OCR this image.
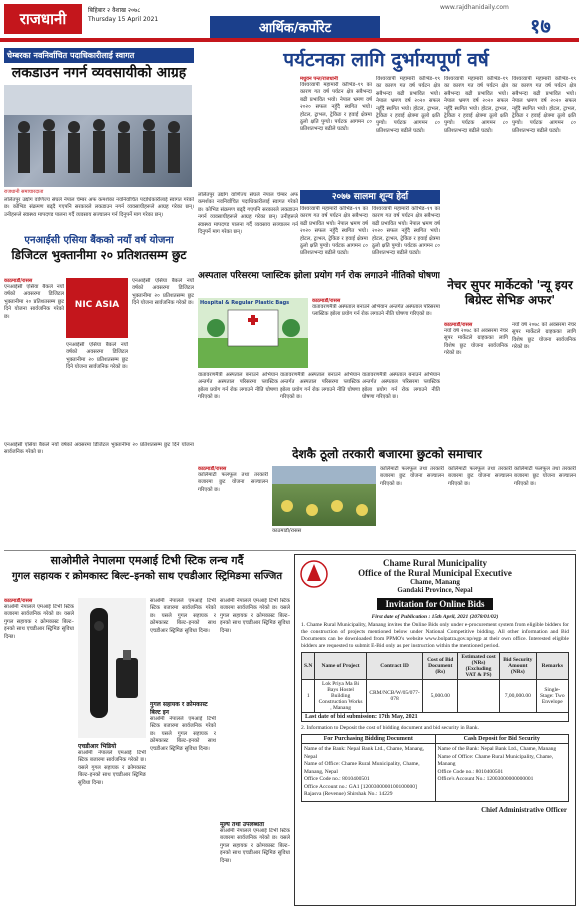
राजधानी	बिहिबार २ वैशाख २०७८
Thursday 15 April 2021
आर्थिक/कर्पोरेट
www.rajdhanidaily.com
१७
चेम्बरका नवनिर्वाचित पदाधिकारीलाई स्वागत
लकडाउन नगर्न व्यवसायीको आग्रह
राजधानी समाचारदाता
ललितपुर उद्योग वाणिज्य संघले नेपाल चेम्बर अफ कमर्शका नवनिर्वाचित पदाधिकारीलाई स्वागत गरेको छ। कोभिड संक्रमण बढ्दै गएपनि सरकारले लकडाउन नगर्न व्यवसायीहरूले आग्रह गरेका छन्। उनीहरूले स्वास्थ्य मापदण्ड पालना गर्दै व्यवसाय सञ्चालन गर्न दिनुपर्ने माग गरेका छन्।
ललितपुर उद्योग वाणिज्य संघले नेपाल चेम्बर अफ कमर्शका नवनिर्वाचित पदाधिकारीलाई स्वागत गरेको छ। कोभिड संक्रमण बढ्दै गएपनि सरकारले लकडाउन नगर्न व्यवसायीहरूले आग्रह गरेका छन्। उनीहरूले स्वास्थ्य मापदण्ड पालना गर्दै व्यवसाय सञ्चालन गर्न दिनुपर्ने माग गरेका छन्।
पर्यटनका लागि दुर्भाग्यपूर्ण वर्ष
मधुवन पन्त/राजधानी
विश्वव्यापी महामारी कोभिड–१९ का कारण गत वर्ष पर्यटन क्षेत्र सबैभन्दा बढी प्रभावित भयो। नेपाल भ्रमण वर्ष २०२० सफल नहुँदै स्थगित भयो। होटल, ट्राभल, ट्रेकिङ र हवाई क्षेत्रमा ठूलो क्षति पुग्यो। पर्यटक आगमन ८० प्रतिशतभन्दा बढीले घट्यो।
विश्वव्यापी महामारी कोभिड–१९ का कारण गत वर्ष पर्यटन क्षेत्र सबैभन्दा बढी प्रभावित भयो। नेपाल भ्रमण वर्ष २०२० सफल नहुँदै स्थगित भयो। होटल, ट्राभल, ट्रेकिङ र हवाई क्षेत्रमा ठूलो क्षति पुग्यो। पर्यटक आगमन ८० प्रतिशतभन्दा बढीले घट्यो।
विश्वव्यापी महामारी कोभिड–१९ का कारण गत वर्ष पर्यटन क्षेत्र सबैभन्दा बढी प्रभावित भयो। नेपाल भ्रमण वर्ष २०२० सफल नहुँदै स्थगित भयो। होटल, ट्राभल, ट्रेकिङ र हवाई क्षेत्रमा ठूलो क्षति पुग्यो। पर्यटक आगमन ८० प्रतिशतभन्दा बढीले घट्यो।
विश्वव्यापी महामारी कोभिड–१९ का कारण गत वर्ष पर्यटन क्षेत्र सबैभन्दा बढी प्रभावित भयो। नेपाल भ्रमण वर्ष २०२० सफल नहुँदै स्थगित भयो। होटल, ट्राभल, ट्रेकिङ र हवाई क्षेत्रमा ठूलो क्षति पुग्यो। पर्यटक आगमन ८० प्रतिशतभन्दा बढीले घट्यो।
२०७७ सालमा शून्य हेर्दा
विश्वव्यापी महामारी कोभिड–१९ का कारण गत वर्ष पर्यटन क्षेत्र सबैभन्दा बढी प्रभावित भयो। नेपाल भ्रमण वर्ष २०२० सफल नहुँदै स्थगित भयो। होटल, ट्राभल, ट्रेकिङ र हवाई क्षेत्रमा ठूलो क्षति पुग्यो। पर्यटक आगमन ८० प्रतिशतभन्दा बढीले घट्यो।
विश्वव्यापी महामारी कोभिड–१९ का कारण गत वर्ष पर्यटन क्षेत्र सबैभन्दा बढी प्रभावित भयो। नेपाल भ्रमण वर्ष २०२० सफल नहुँदै स्थगित भयो। होटल, ट्राभल, ट्रेकिङ र हवाई क्षेत्रमा ठूलो क्षति पुग्यो। पर्यटक आगमन ८० प्रतिशतभन्दा बढीले घट्यो।
अस्पताल परिसरमा प्लास्टिक झोला प्रयोग गर्न रोक लगाउने नीतिको घोषणा
Hospital & Regular Plastic Bags	काठमाडौं/रासस
वातावरणमैत्री अस्पताल बनाउने अभियान अन्तर्गत अस्पताल परिसरमा प्लास्टिक झोला प्रयोग गर्न रोक लगाउने नीति घोषणा गरिएको छ।
वातावरणमैत्री अस्पताल बनाउने अभियान अन्तर्गत अस्पताल परिसरमा प्लास्टिक झोला प्रयोग गर्न रोक लगाउने नीति घोषणा गरिएको छ।
वातावरणमैत्री अस्पताल बनाउने अभियान अन्तर्गत अस्पताल परिसरमा प्लास्टिक झोला प्रयोग गर्न रोक लगाउने नीति घोषणा गरिएको छ।
वातावरणमैत्री अस्पताल बनाउने अभियान अन्तर्गत अस्पताल परिसरमा प्लास्टिक झोला प्रयोग गर्न रोक लगाउने नीति घोषणा गरिएको छ।
नेचर सुपर मार्केटको 'न्यू इयर बिग्रेस्ट सेभिङ अफर'
काठमाडौं/रासस
नयाँ वर्ष २०७८ को अवसरमा नेचर सुपर मार्केटले ग्राहकका लागि विशेष छुट योजना सार्वजनिक गरेको छ।
नयाँ वर्ष २०७८ को अवसरमा नेचर सुपर मार्केटले ग्राहकका लागि विशेष छुट योजना सार्वजनिक गरेको छ।
एनआईसी एसिया बैंकको नयाँ वर्ष योजना
डिजिटल भुक्तानीमा २० प्रतिशतसम्म छुट
काठमाडौं/रासस
एनआईसी एसिया बैंकले नयाँ वर्षको अवसरमा डिजिटल भुक्तानीमा २० प्रतिशतसम्म छुट दिने योजना सार्वजनिक गरेको छ।
NIC ASIA
एनआईसी एसिया बैंकले नयाँ वर्षको अवसरमा डिजिटल भुक्तानीमा २० प्रतिशतसम्म छुट दिने योजना सार्वजनिक गरेको छ।
एनआईसी एसिया बैंकले नयाँ वर्षको अवसरमा डिजिटल भुक्तानीमा २० प्रतिशतसम्म छुट दिने योजना सार्वजनिक गरेको छ।
देशकै ठूलो तरकारी बजारमा छुटको समाचार
काठमाडौं/रासस
कालिमाटी फलफूल तथा तरकारी बजारमा छुट योजना सञ्चालन गरिएको छ।
काठमाडौं/रासस
कालिमाटी फलफूल तथा तरकारी बजारमा छुट योजना सञ्चालन गरिएको छ।
कालिमाटी फलफूल तथा तरकारी बजारमा छुट योजना सञ्चालन गरिएको छ।
कालिमाटी फलफूल तथा तरकारी बजारमा छुट योजना सञ्चालन गरिएको छ।
एनआईसी एसिया बैंकले नयाँ वर्षको अवसरमा डिजिटल भुक्तानीमा २० प्रतिशतसम्म छुट दिने योजना सार्वजनिक गरेको छ।
साओमीले नेपालमा एमआई टिभी स्टिक लन्च गर्दै
गुगल सहायक र क्रोमकास्ट बिल्ट–इनको साथ एचडीआर स्ट्रिमिङमा सज्जित
काठमाडौं/रासस
साओमी नेपालले एमआई टिभी स्टिक बजारमा सार्वजनिक गरेको छ। यसले गुगल सहायक र क्रोमकास्ट बिल्ट–इनको साथ एचडीआर स्ट्रिमिङ सुविधा दिन्छ।
एचडीआर भिडियो
साओमी नेपालले एमआई टिभी स्टिक बजारमा सार्वजनिक गरेको छ। यसले गुगल सहायक र क्रोमकास्ट बिल्ट–इनको साथ एचडीआर स्ट्रिमिङ सुविधा दिन्छ।
साओमी नेपालले एमआई टिभी स्टिक बजारमा सार्वजनिक गरेको छ। यसले गुगल सहायक र क्रोमकास्ट बिल्ट–इनको साथ एचडीआर स्ट्रिमिङ सुविधा दिन्छ।
गुगल सहायक र क्रोमकास्ट बिल्ट इन
साओमी नेपालले एमआई टिभी स्टिक बजारमा सार्वजनिक गरेको छ। यसले गुगल सहायक र क्रोमकास्ट बिल्ट–इनको साथ एचडीआर स्ट्रिमिङ सुविधा दिन्छ।
साओमी नेपालले एमआई टिभी स्टिक बजारमा सार्वजनिक गरेको छ। यसले गुगल सहायक र क्रोमकास्ट बिल्ट–इनको साथ एचडीआर स्ट्रिमिङ सुविधा दिन्छ।
मूल्य तथा उपलब्धता
साओमी नेपालले एमआई टिभी स्टिक बजारमा सार्वजनिक गरेको छ। यसले गुगल सहायक र क्रोमकास्ट बिल्ट–इनको साथ एचडीआर स्ट्रिमिङ सुविधा दिन्छ।
Chame Rural Municipality
Office of the Rural Municipal Executive
Chame, Manang
Gandaki Province, Nepal
Invitation for Online Bids
First date of Publication : 15th April, 2021 (2078/01/02)
1. Chame Rural Municipality, Manang invites the Online Bids only under e-procurement system from eligible bidders for the construction of projects mentioned below under National Competitive bidding. All other information and Bid Documents can be downloaded from PPMO's website www.bolpatra.gov.np/egp at their own office. Interested eligible bidders are requested to submit E-Bid only as per instruction within the mentioned period.
S.N	Name of Project	Contract ID	Cost of Bid Document (Rs)	Estimated cost (NRs) (Excluding VAT & PS)	Bid Security Amount (NRs)	Remarks
1	Lok Priya Ma Bi Bays Hostel Building Construction Works , Manang	CRM/NCB/W/05/077-078	5,000.00		7,00,000.00	Single-Stage: Two Envelope
Last date of bid submission: 17th May, 2021
2. Information to Deposit the cost of bidding document and bid security in Bank.
For Purchasing Bidding Document
Name of the Bank: Nepal Bank Ltd., Chame, Manang, Nepal
Name of Office: Chame Rural Municipality, Chame, Manang, Nepal
Office Code no.: 8010400501
Office Account no.: GA1 [1200300000100100000]
Rajasva (Revenue) Shirshak No.: 14229
Cash Deposit for Bid Security
Name of the Bank: Nepal Bank Ltd., Chame, Manang
Name of Office: Chame Rural Municipality, Chame, Manang
Office Code no.: 8010400501
Office's Account No.: 12003000000000001
Chief Administrative Officer
